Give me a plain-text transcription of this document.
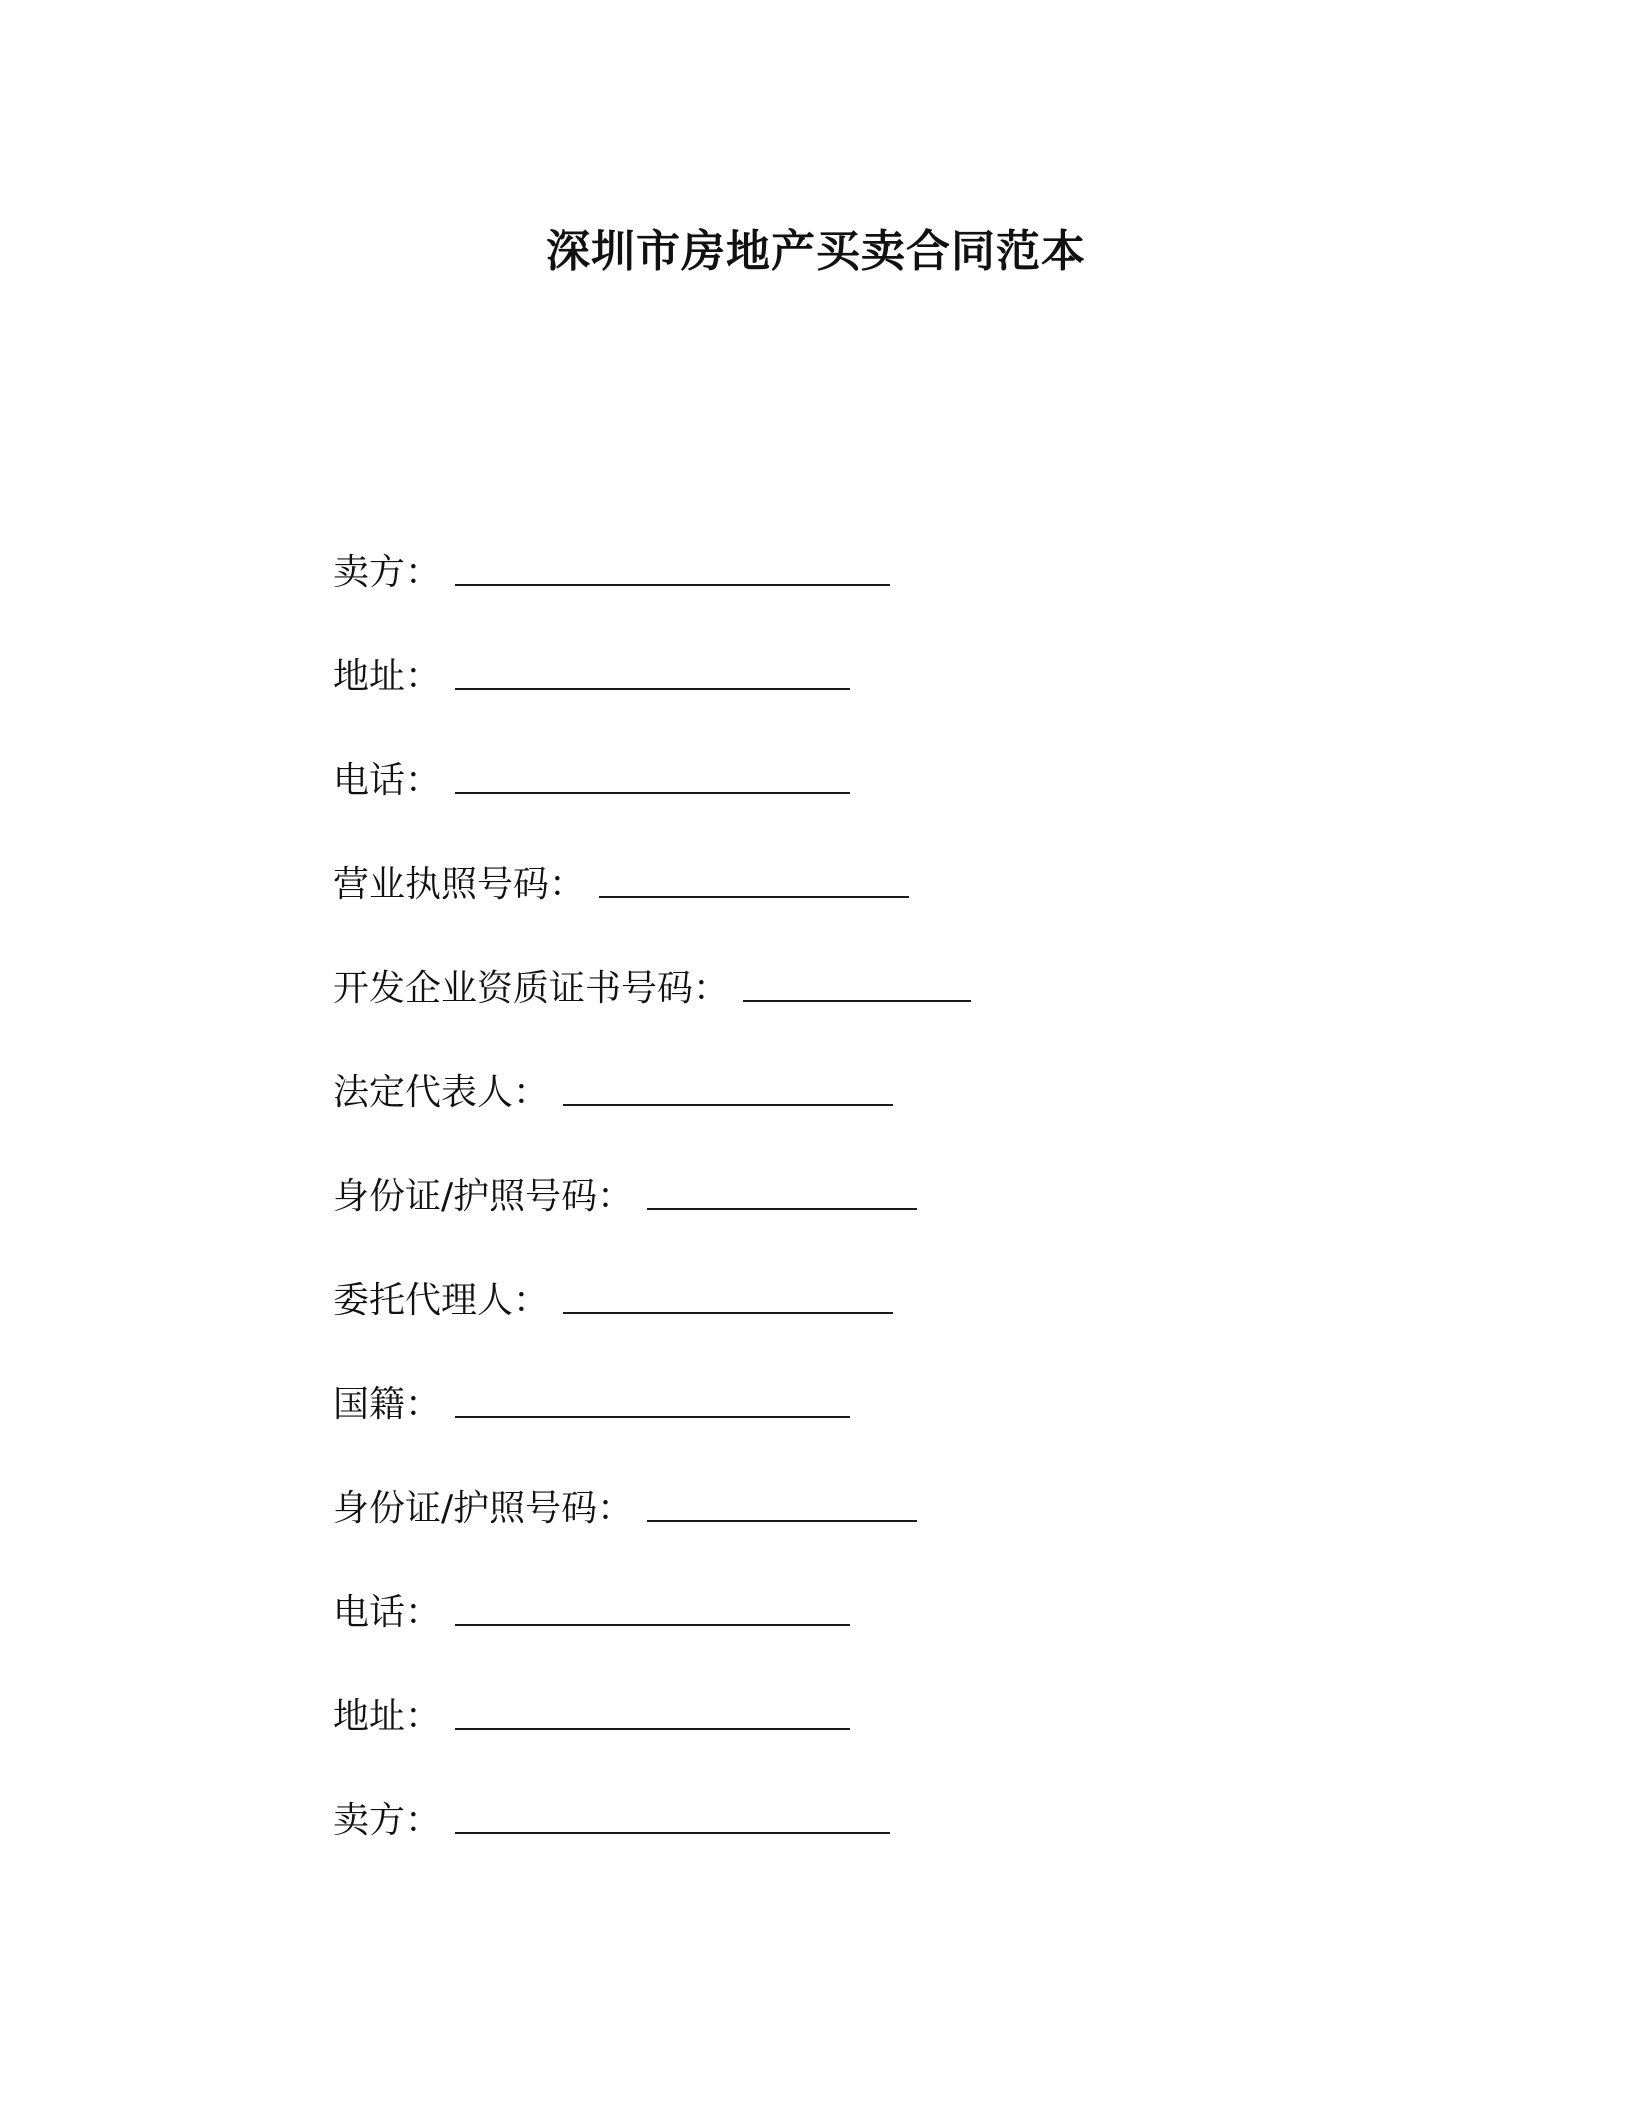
深圳市房地产买卖合同范本
卖方：
地址：
电话：
营业执照号码：
开发企业资质证书号码：
法定代表人：
身份证/护照号码：
委托代理人：
国籍：
身份证/护照号码：
电话：
地址：
卖方：
